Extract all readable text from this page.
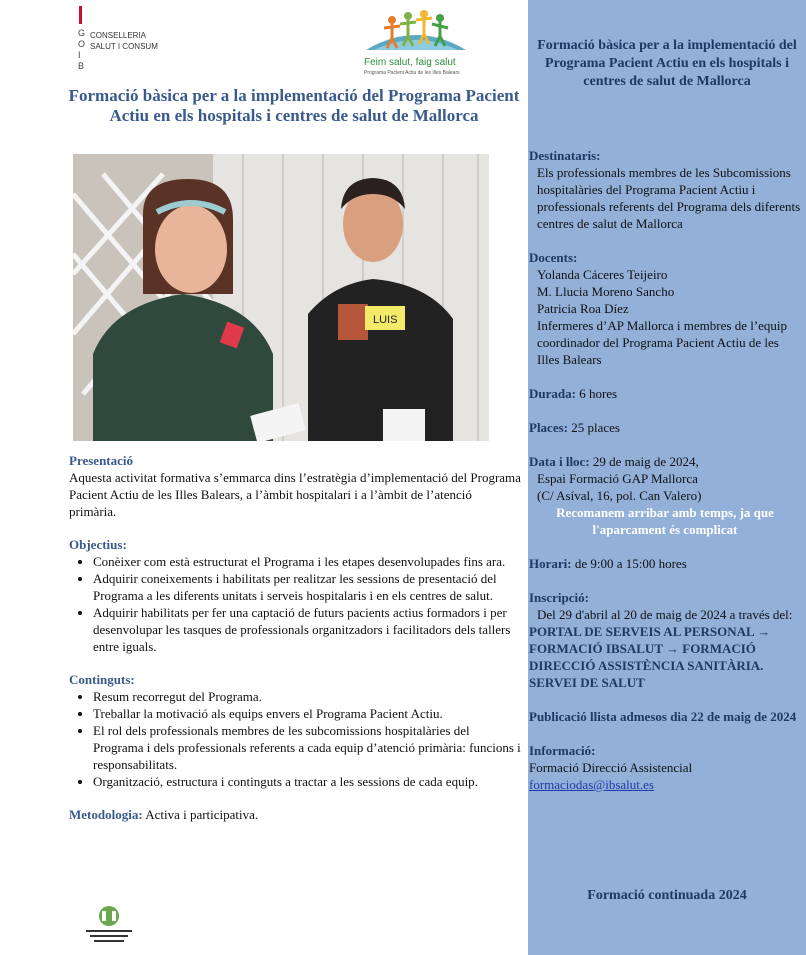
G
O
I
B
CONSELLERIA
SALUT I CONSUM
Feim salut, faig salut
Programa Pacient Actiu de les Illes Balears
Formació bàsica per a la implementació del Programa Pacient Actiu en els hospitals i centres de salut de Mallorca
LUIS
Presentació
Aquesta activitat formativa s’emmarca dins l’estratègia d’implementació del Programa Pacient Actiu de les Illes Balears, a l’àmbit hospitalari i a l’àmbit de l’atenció primària.
Objectius:
• Conèixer com està estructurat el Programa i les etapes desenvolupades fins ara.
• Adquirir coneixements i habilitats per realitzar les sessions de presentació del Programa a les diferents unitats i serveis hospitalaris i en els centres de salut.
• Adquirir habilitats per fer una captació de futurs pacients actius formadors i per desenvolupar les tasques de professionals organitzadors i facilitadors dels tallers entre iguals.
Continguts:
• Resum recorregut del Programa.
• Treballar la motivació als equips envers el Programa Pacient Actiu.
• El rol dels professionals membres de les subcomissions hospitalàries del Programa i dels professionals referents a cada equip d’atenció primària: funcions i responsabilitats.
• Organització, estructura i continguts a tractar a les sessions de cada equip.
Metodologia: Activa i participativa.
Formació bàsica per a la implementació del Programa Pacient Actiu en els hospitals i centres de salut de Mallorca
Destinataris:
Els professionals membres de les Subcomissions hospitalàries del Programa Pacient Actiu i professionals referents del Programa dels diferents centres de salut de Mallorca
Docents:
Yolanda Cáceres Teijeiro
M. Llucia Moreno Sancho
Patricia Roa Díez
Infermeres d’AP Mallorca i membres de l’equip coordinador del Programa Pacient Actiu de les Illes Balears
Durada: 6 hores
Places: 25 places
Data i lloc: 29 de maig de 2024,
Espai Formació GAP Mallorca
(C/ Asíval, 16, pol. Can Valero)
Recomanem arribar amb temps, ja que l'aparcament és complicat
Horari: de 9:00 a 15:00 hores
Inscripció:
Del 29 d'abril al 20 de maig de 2024 a través del:
PORTAL DE SERVEIS AL PERSONAL → FORMACIÓ IBSALUT → FORMACIÓ DIRECCIÓ ASSISTÈNCIA SANITÀRIA. SERVEI DE SALUT
Publicació llista admesos dia 22 de maig de 2024
Informació:
Formació Direcció Assistencial
formaciodas@ibsalut.es
Formació continuada 2024
